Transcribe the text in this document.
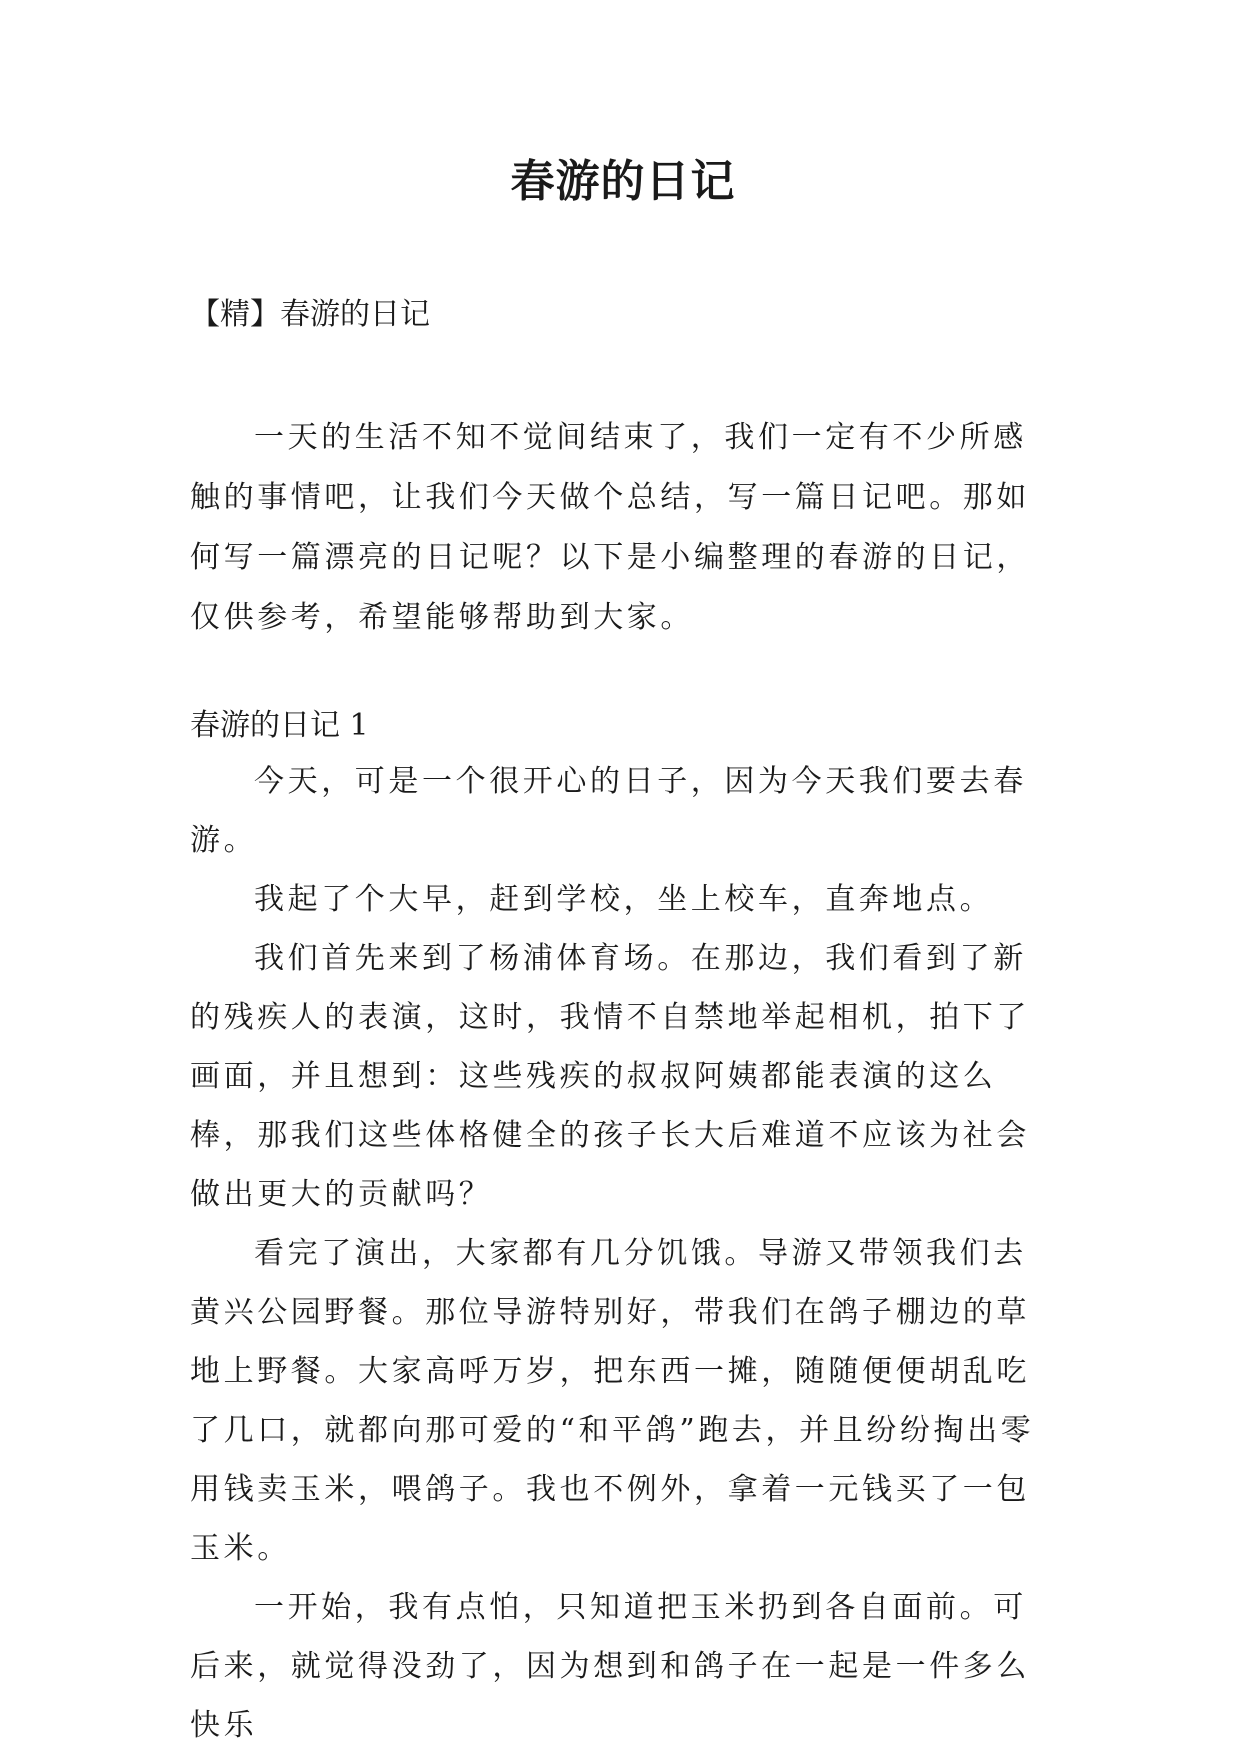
春游的日记

【精】春游的日记

一天的生活不知不觉间结束了，我们一定有不少所感触的事情吧，让我们今天做个总结，写一篇日记吧。那如何写一篇漂亮的日记呢？以下是小编整理的春游的日记，仅供参考，希望能够帮助到大家。

春游的日记 1

今天，可是一个很开心的日子，因为今天我们要去春游。

我起了个大早，赶到学校，坐上校车，直奔地点。

我们首先来到了杨浦体育场。在那边，我们看到了新的残疾人的表演，这时，我情不自禁地举起相机，拍下了画面，并且想到：这些残疾的叔叔阿姨都能表演的这么棒，那我们这些体格健全的孩子长大后难道不应该为社会做出更大的贡献吗？

看完了演出，大家都有几分饥饿。导游又带领我们去黄兴公园野餐。那位导游特别好，带我们在鸽子棚边的草地上野餐。大家高呼万岁，把东西一摊，随随便便胡乱吃了几口，就都向那可爱的“和平鸽”跑去，并且纷纷掏出零用钱卖玉米，喂鸽子。我也不例外，拿着一元钱买了一包玉米。

一开始，我有点怕，只知道把玉米扔到各自面前。可后来，就觉得没劲了，因为想到和鸽子在一起是一件多么快乐
